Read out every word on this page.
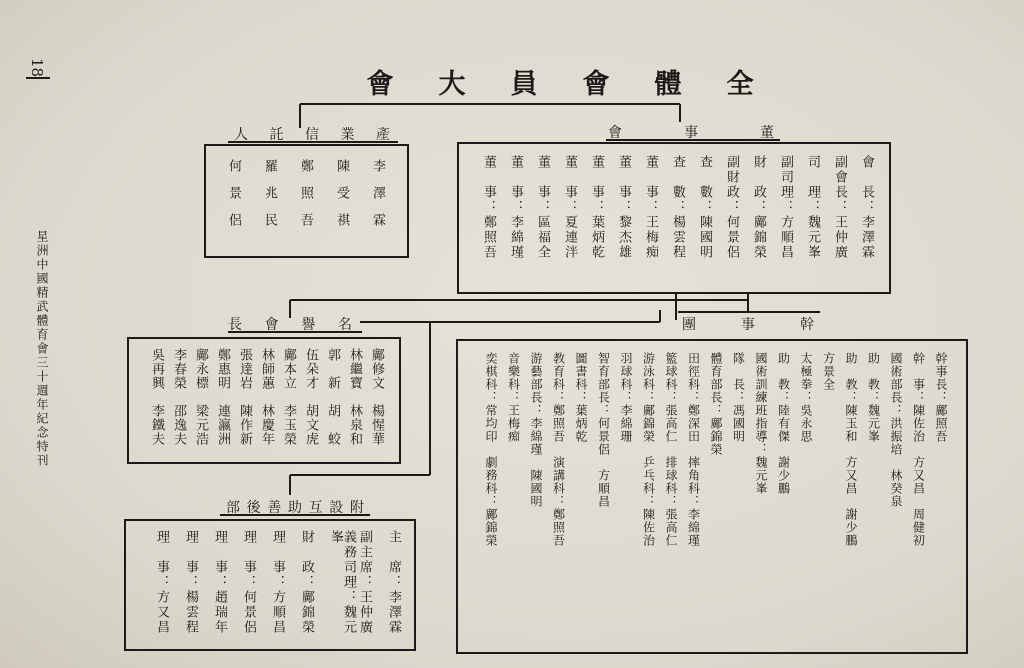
18
星洲中國精武體育會三十週年紀念特刊
會 大 員 會 體 全
人 託 信 業 產
李澤霖
陳受祺
鄭照吾
羅兆民
何景侶
會	事	董
會　長：李澤霖
副會長：王仲廣
司　理：魏元峯
副司理：方順昌
財　政：鄺錦榮
副財政：何景侶
查　數：陳國明
查　數：楊雲程
董　事：王梅痴
董　事：黎杰雄
董　事：葉炳乾
董　事：夏連泮
董　事：區福全
董　事：李綿瑾
董　事：鄭照吾
長 會 譽 名
鄺修文　楊惺華
林繼寶　林泉和
郭　新　胡　蛟
伍朵才　胡文虎
鄺本立　李玉榮
林師蕙　林慶年
張達岩　陳作新
鄭惠明　連瀛洲
鄺永標　梁元浩
李春榮　邵逸夫
吳再興　李鐵夫
團	事	幹
幹事長：鄺照吾
幹　事：陳佐治　方又昌　周健初
國術部長：洪振培　林癸泉
助　教：魏元峯
助　教：陳玉和　方又昌　謝少鵬
方景全
太極拳：吳永思
助　教：陸有傑　謝少鵬
國術訓練班指導：魏元峯
隊　長：馮國明
體育部長：鄺錦榮
田徑科：鄭深田　摔角科：李綿瑾
籃球科：張高仁　排球科：張高仁
游泳科：鄺錦榮　乒乓科：陳佐治
羽球科：李綿珊
智育部長：何景侶　方順昌
圖書科：葉炳乾
教育科：鄭照吾　演講科：鄭照吾
游藝部長：李綿瑾　陳國明
音樂科：王梅痴
奕棋科：常均印　劇務科：鄺錦榮
部 後 善 助 互 設 附
主　席：李澤霖
副主席：王仲廣
義務司理：魏元峯
財　政：鄺錦榮
理　事：方順昌
理　事：何景侶
理　事：趙瑞年
理　事：楊雲程
理　事：方又昌
